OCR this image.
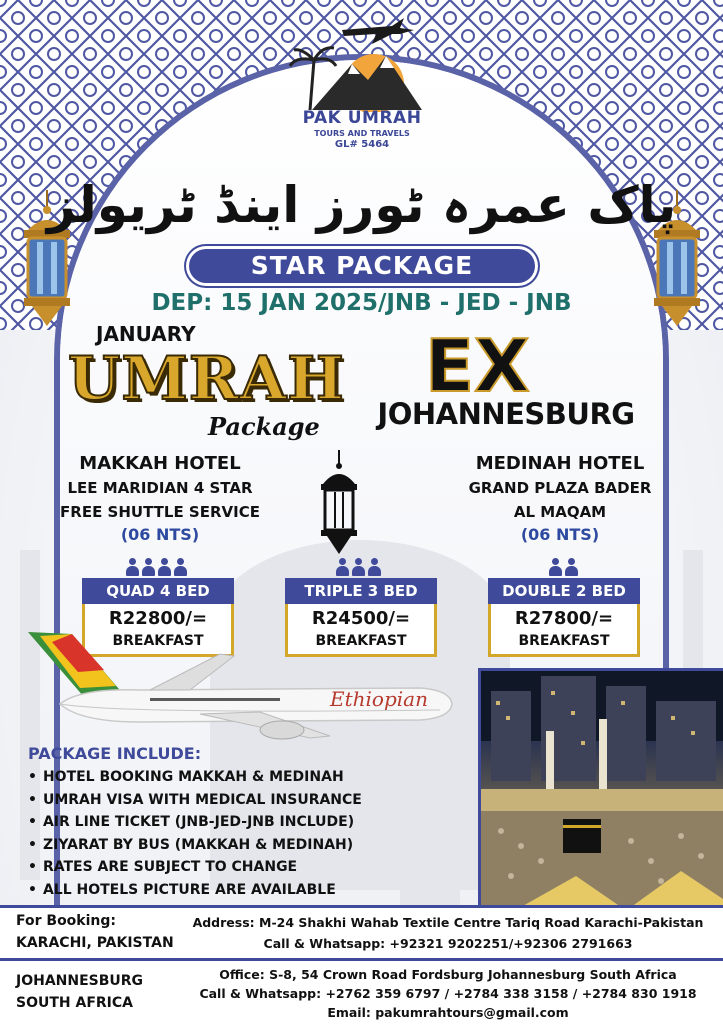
PAK UMRAH
TOURS AND TRAVELS
GL# 5464
پاک عمرہ ٹورز اینڈ ٹریولز
STAR PACKAGE
DEP: 15 JAN 2025/JNB - JED - JNB
JANUARY
UMRAH
Package
EX
JOHANNESBURG
MAKKAH HOTEL
LEE MARIDIAN 4 STAR
FREE SHUTTLE SERVICE
(06 NTS)
MEDINAH HOTEL
GRAND PLAZA BADER
AL MAQAM
(06 NTS)
QUAD 4 BED
R22800/=
BREAKFAST
TRIPLE 3 BED
R24500/=
BREAKFAST
DOUBLE 2 BED
R27800/=
BREAKFAST
Ethiopian
PACKAGE INCLUDE:
• HOTEL BOOKING MAKKAH & MEDINAH
• UMRAH VISA WITH MEDICAL INSURANCE
• AIR LINE TICKET (JNB-JED-JNB INCLUDE)
• ZIYARAT BY BUS (MAKKAH & MEDINAH)
• RATES ARE SUBJECT TO CHANGE
• ALL HOTELS PICTURE ARE AVAILABLE
For Booking:
KARACHI, PAKISTAN
Address: M-24 Shakhi Wahab Textile Centre Tariq Road Karachi-Pakistan
Call & Whatsapp: +92321 9202251/+92306 2791663
JOHANNESBURG
SOUTH AFRICA
Office: S-8, 54 Crown Road Fordsburg Johannesburg South Africa
Call & Whatsapp: +2762 359 6797 / +2784 338 3158 / +2784 830 1918
Email: pakumrahtours@gmail.com
